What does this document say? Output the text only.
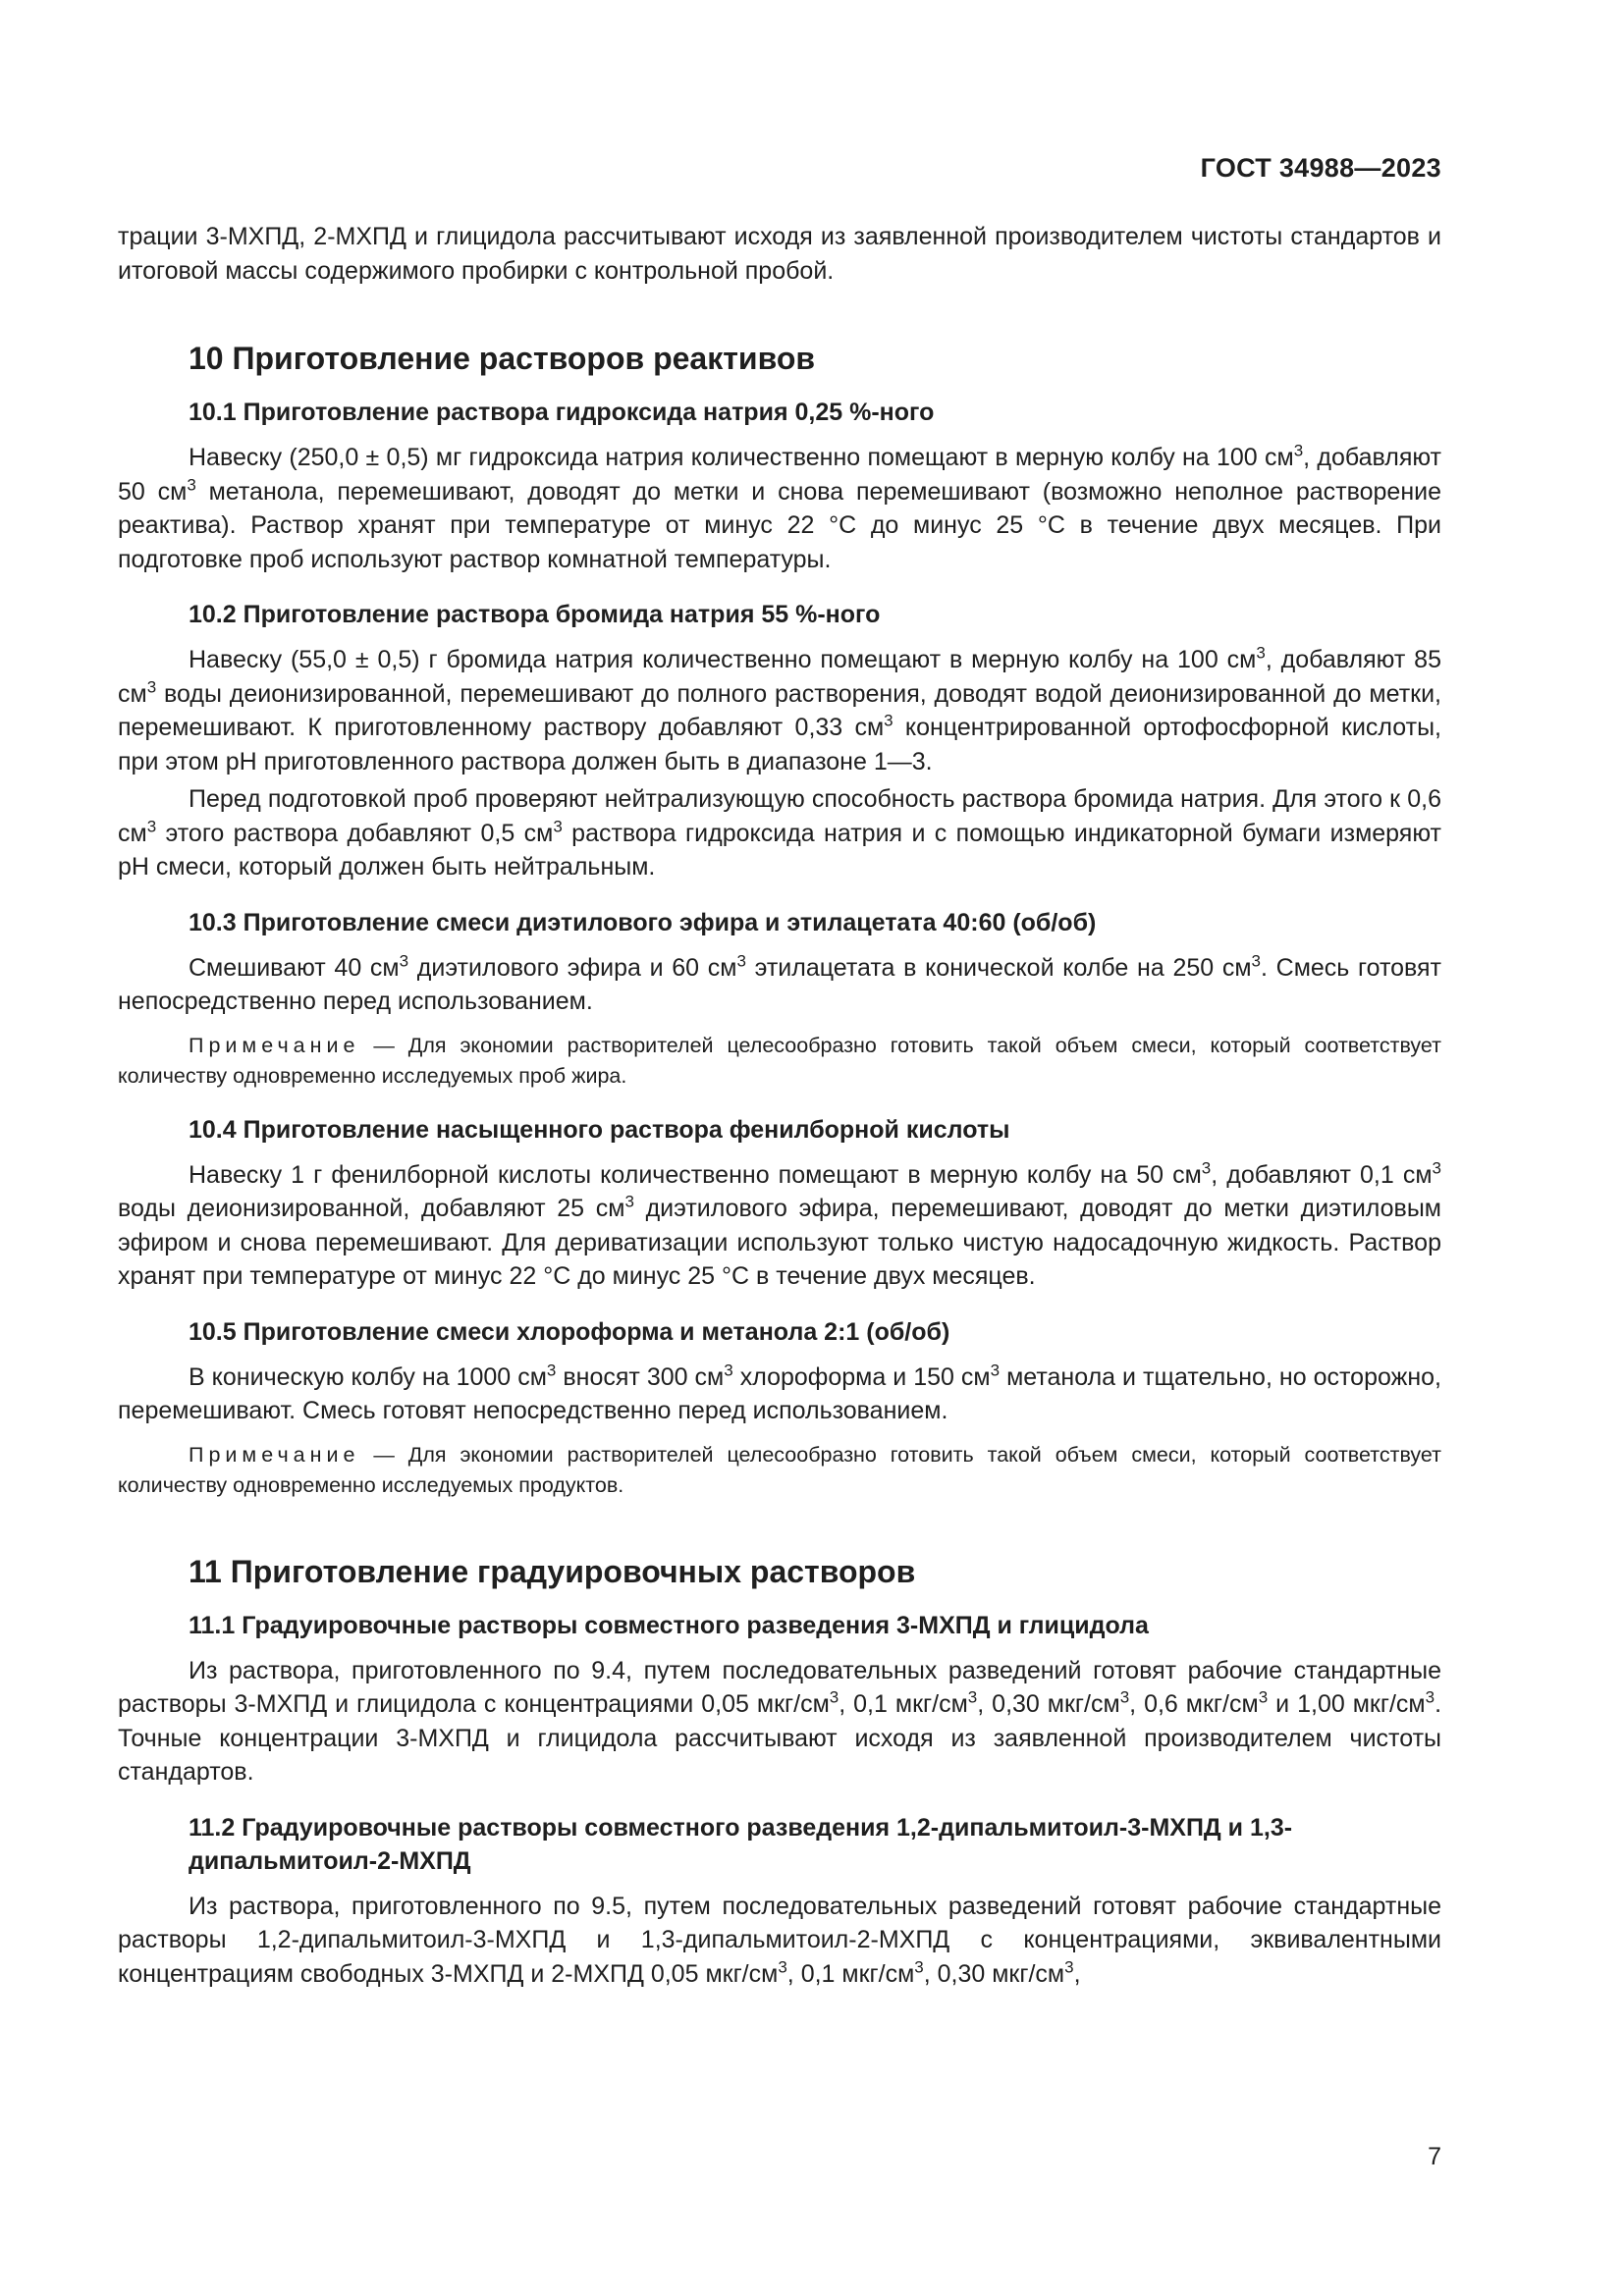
ГОСТ 34988—2023

трации 3-МХПД, 2-МХПД и глицидола рассчитывают исходя из заявленной производителем чистоты стандартов и итоговой массы содержимого пробирки с контрольной пробой.

10 Приготовление растворов реактивов
10.1 Приготовление раствора гидроксида натрия 0,25 %-ного

Навеску (250,0 ± 0,5) мг гидроксида натрия количественно помещают в мерную колбу на 100 $см^3$, добавляют 50 $см^3$ метанола, перемешивают, доводят до метки и снова перемешивают (возможно неполное растворение реактива). Раствор хранят при температуре от минус 22 °С до минус 25 °С в течение двух месяцев. При подготовке проб используют раствор комнатной температуры.

10.2 Приготовление раствора бромида натрия 55 %-ного

Навеску (55,0 ± 0,5) г бромида натрия количественно помещают в мерную колбу на 100 $см^3$, добавляют 85 $см^3$ воды деионизированной, перемешивают до полного растворения, доводят водой деионизированной до метки, перемешивают. К приготовленному раствору добавляют 0,33 $см^3$ концентрированной ортофосфорной кислоты, при этом pH приготовленного раствора должен быть в диапазоне 1—3.

Перед подготовкой проб проверяют нейтрализующую способность раствора бромида натрия. Для этого к 0,6 $см^3$ этого раствора добавляют 0,5 $см^3$ раствора гидроксида натрия и с помощью индикаторной бумаги измеряют pH смеси, который должен быть нейтральным.

10.3 Приготовление смеси диэтилового эфира и этилацетата 40:60 (об/об)

Смешивают 40 $см^3$ диэтилового эфира и 60 $см^3$ этилацетата в конической колбе на 250 $см^3$. Смесь готовят непосредственно перед использованием.

Примечание — Для экономии растворителей целесообразно готовить такой объем смеси, который соответствует количеству одновременно исследуемых проб жира.

10.4 Приготовление насыщенного раствора фенилборной кислоты

Навеску 1 г фенилборной кислоты количественно помещают в мерную колбу на 50 $см^3$, добавляют 0,1 $см^3$ воды деионизированной, добавляют 25 $см^3$ диэтилового эфира, перемешивают, доводят до метки диэтиловым эфиром и снова перемешивают. Для дериватизации используют только чистую надосадочную жидкость. Раствор хранят при температуре от минус 22 °С до минус 25 °С в течение двух месяцев.

10.5 Приготовление смеси хлороформа и метанола 2:1 (об/об)

В коническую колбу на 1000 $см^3$ вносят 300 $см^3$ хлороформа и 150 $см^3$ метанола и тщательно, но осторожно, перемешивают. Смесь готовят непосредственно перед использованием.

Примечание — Для экономии растворителей целесообразно готовить такой объем смеси, который соответствует количеству одновременно исследуемых продуктов.

11 Приготовление градуировочных растворов
11.1 Градуировочные растворы совместного разведения 3-МХПД и глицидола

Из раствора, приготовленного по 9.4, путем последовательных разведений готовят рабочие стандартные растворы 3-МХПД и глицидола с концентрациями 0,05 мкг/$см^3$, 0,1 мкг/$см^3$, 0,30 мкг/$см^3$, 0,6 мкг/$см^3$ и 1,00 мкг/$см^3$. Точные концентрации 3-МХПД и глицидола рассчитывают исходя из заявленной производителем чистоты стандартов.

11.2 Градуировочные растворы совместного разведения 1,2-дипальмитоил-3-МХПД и 1,3-дипальмитоил-2-МХПД

Из раствора, приготовленного по 9.5, путем последовательных разведений готовят рабочие стандартные растворы 1,2-дипальмитоил-3-МХПД и 1,3-дипальмитоил-2-МХПД с концентрациями, эквивалентными концентрациям свободных 3-МХПД и 2-МХПД 0,05 мкг/$см^3$, 0,1 мкг/$см^3$, 0,30 мкг/$см^3$,

7
